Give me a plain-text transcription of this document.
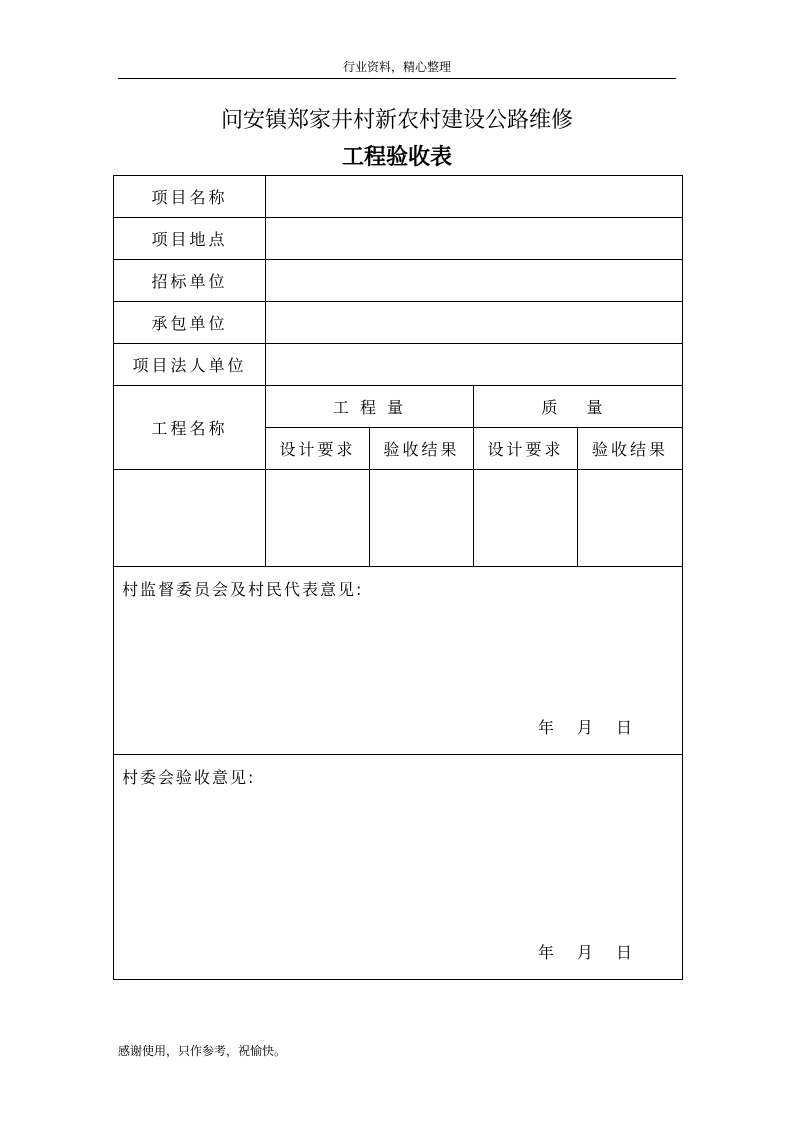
行业资料，精心整理
问安镇郑家井村新农村建设公路维修
工程验收表
项目名称				
项目地点				
招标单位				
承包单位				
项目法人单位				
工程名称	工 程 量		质 量	
	设计要求	验收结果	设计要求	验收结果

村监督委员会及村民代表意见:
年 月 日				

村委会验收意见:
年 月 日				
感谢使用，只作参考，祝愉快。
